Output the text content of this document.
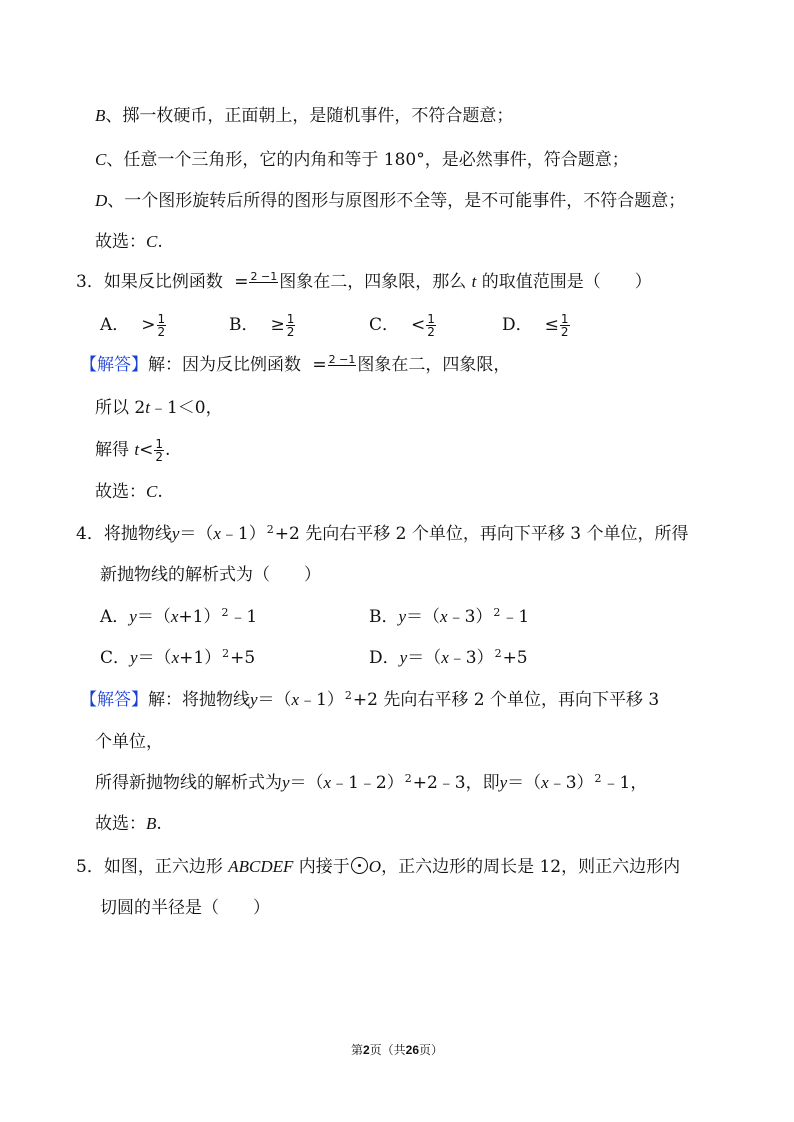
B、掷一枚硬币，正面朝上，是随机事件，不符合题意；
C、任意一个三角形，它的内角和等于 180°，是必然事件，符合题意；
D、一个图形旋转后所得的图形与原图形不全等，是不可能事件，不符合题意；
故选：C.
3．如果反比例函数 = 2 −1
图象在二，四象限，那么 t 的取值范围是（　　）
A． > $\frac{1}{2}$	B． ≥ $\frac{1}{2}$	C． < $\frac{1}{2}$	D． ≤ $\frac{1}{2}$
【解答】解：因为反比例函数 = 2 −1
图象在二，四象限，
所以 2t﹣1＜0，
解得 $t< \frac{1}{2}$ .
故选：C.
4．将抛物线y＝（x﹣1）$^2$+2 先向右平移 2 个单位，再向下平移 3 个单位，所得
新抛物线的解析式为（　　）
A．$y=(x+1)^2﹣1$	B．y＝（x﹣3）$^2$﹣1
C．$y=(x+1)^2+5$	D．y＝（x﹣3）$^2$+5
【解答】解：将抛物线y＝（x﹣1）$^2$+2 先向右平移 2 个单位，再向下平移 3
个单位，
所得新抛物线的解析式为y＝（x﹣1﹣2）$^2$+2﹣3，即y＝（x﹣3）$^2$﹣1，
故选：B.
5．如图，正六边形 ABCDEF 内接于 O，正六边形的周长是 12，则正六边形内
切圆的半径是（　　）
第2页（共26页）
